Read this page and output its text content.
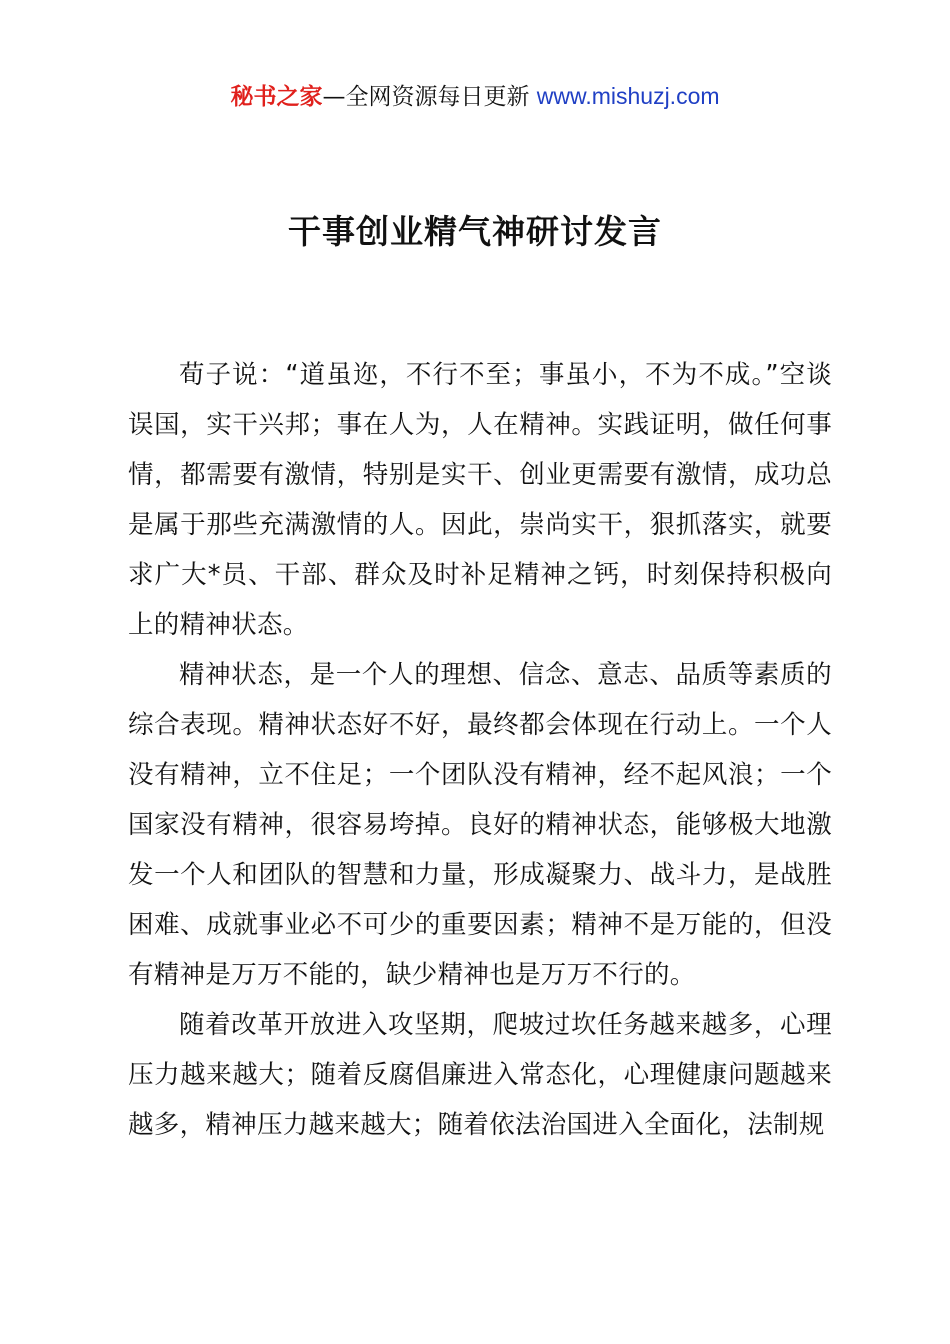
秘书之家—全网资源每日更新 www.mishuzj.com
干事创业精气神研讨发言

荀子说：“道虽迩，不行不至；事虽小，不为不成。”空谈误国，实干兴邦；事在人为，人在精神。实践证明，做任何事情，都需要有激情，特别是实干、创业更需要有激情，成功总是属于那些充满激情的人。因此，崇尚实干，狠抓落实，就要求广大*员、干部、群众及时补足精神之钙，时刻保持积极向上的精神状态。

精神状态，是一个人的理想、信念、意志、品质等素质的综合表现。精神状态好不好，最终都会体现在行动上。一个人没有精神，立不住足；一个团队没有精神，经不起风浪；一个国家没有精神，很容易垮掉。良好的精神状态，能够极大地激发一个人和团队的智慧和力量，形成凝聚力、战斗力，是战胜困难、成就事业必不可少的重要因素；精神不是万能的，但没有精神是万万不能的，缺少精神也是万万不行的。

随着改革开放进入攻坚期，爬坡过坎任务越来越多，心理压力越来越大；随着反腐倡廉进入常态化，心理健康问题越来越多，精神压力越来越大；随着依法治国进入全面化，法制规
